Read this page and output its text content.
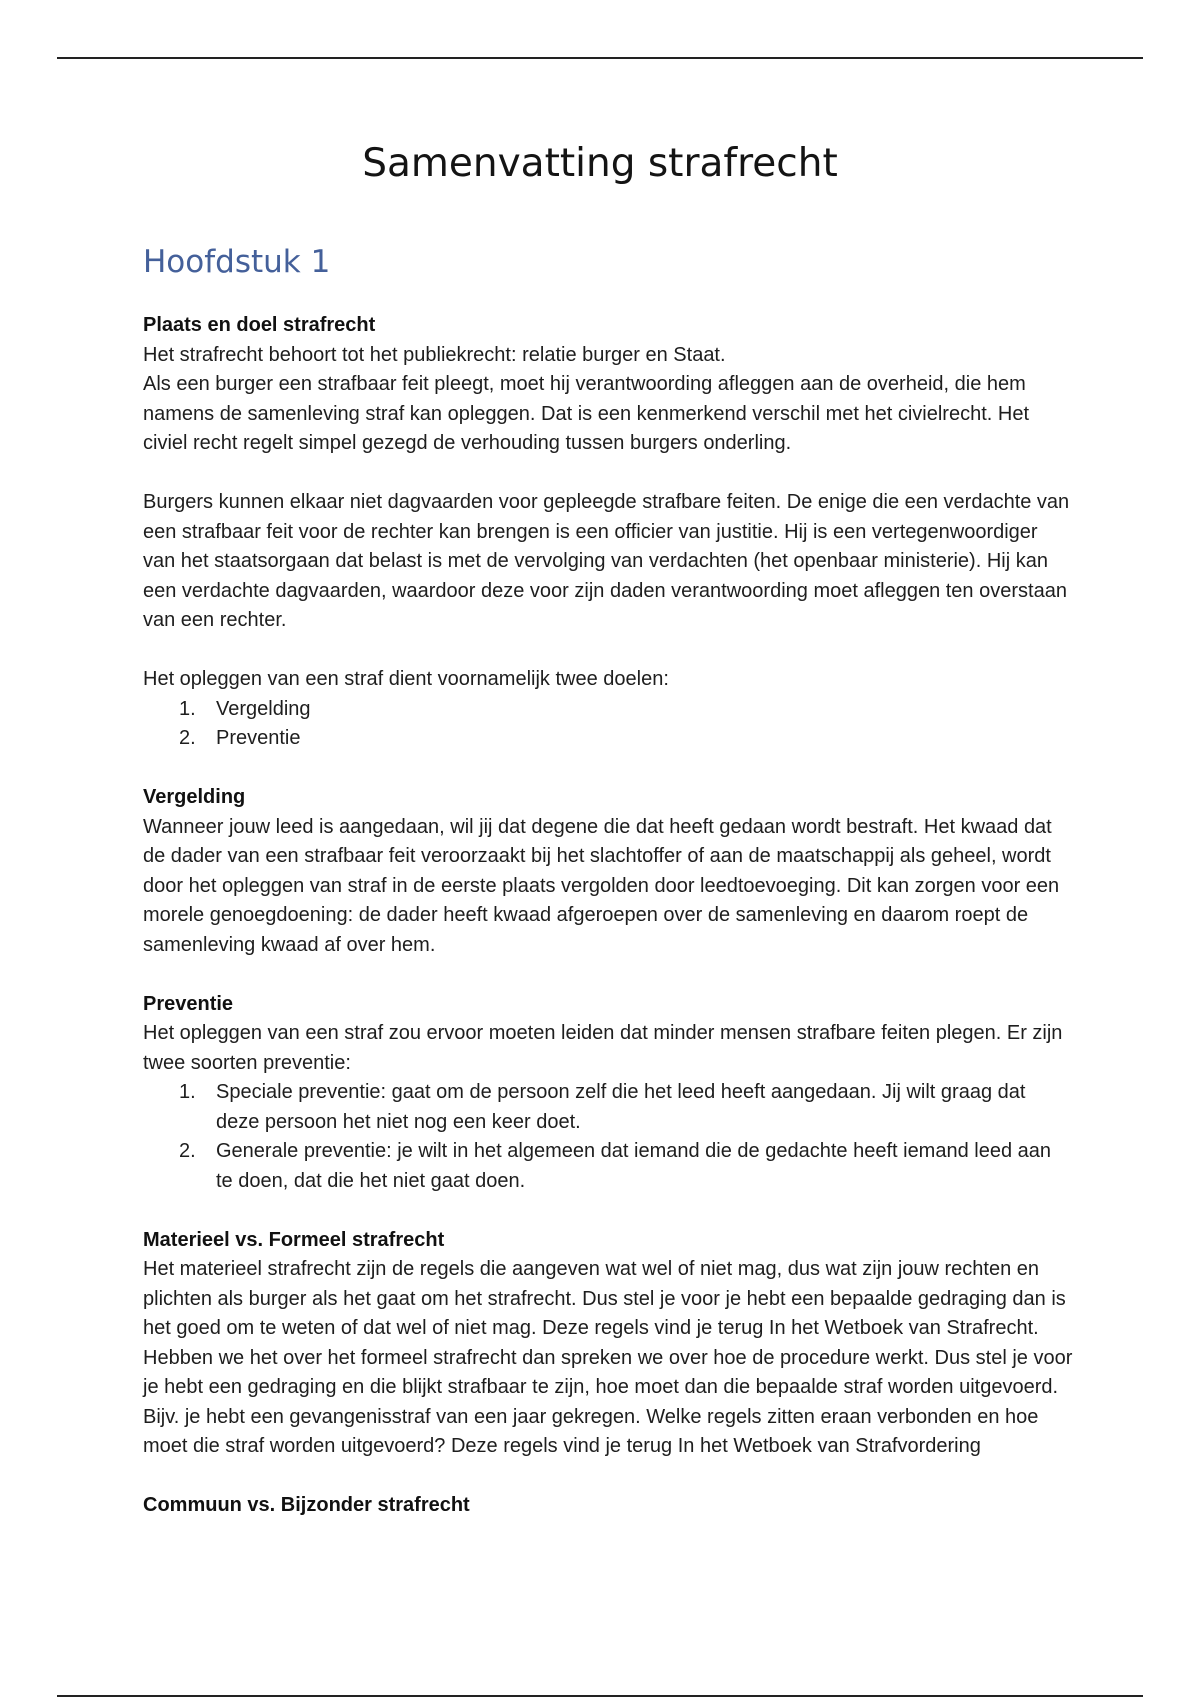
Samenvatting strafrecht
Hoofdstuk 1
Plaats en doel strafrecht

Het strafrecht behoort tot het publiekrecht: relatie burger en Staat.

Als een burger een strafbaar feit pleegt, moet hij verantwoording afleggen aan de overheid, die hem namens de samenleving straf kan opleggen. Dat is een kenmerkend verschil met het civielrecht. Het civiel recht regelt simpel gezegd de verhouding tussen burgers onderling.

Burgers kunnen elkaar niet dagvaarden voor gepleegde strafbare feiten. De enige die een verdachte van een strafbaar feit voor de rechter kan brengen is een officier van justitie. Hij is een vertegenwoordiger van het staatsorgaan dat belast is met de vervolging van verdachten (het openbaar ministerie). Hij kan een verdachte dagvaarden, waardoor deze voor zijn daden verantwoording moet afleggen ten overstaan van een rechter.

Het opleggen van een straf dient voornamelijk twee doelen:

1. Vergelding
2. Preventie
Vergelding

Wanneer jouw leed is aangedaan, wil jij dat degene die dat heeft gedaan wordt bestraft. Het kwaad dat de dader van een strafbaar feit veroorzaakt bij het slachtoffer of aan de maatschappij als geheel, wordt door het opleggen van straf in de eerste plaats vergolden door leedtoevoeging. Dit kan zorgen voor een morele genoegdoening: de dader heeft kwaad afgeroepen over de samenleving en daarom roept de samenleving kwaad af over hem.

Preventie

Het opleggen van een straf zou ervoor moeten leiden dat minder mensen strafbare feiten plegen. Er zijn twee soorten preventie:

1. Speciale preventie: gaat om de persoon zelf die het leed heeft aangedaan. Jij wilt graag dat deze persoon het niet nog een keer doet.
2. Generale preventie: je wilt in het algemeen dat iemand die de gedachte heeft iemand leed aan te doen, dat die het niet gaat doen.
Materieel vs. Formeel strafrecht

Het materieel strafrecht zijn de regels die aangeven wat wel of niet mag, dus wat zijn jouw rechten en plichten als burger als het gaat om het strafrecht. Dus stel je voor je hebt een bepaalde gedraging dan is het goed om te weten of dat wel of niet mag. Deze regels vind je terug In het Wetboek van Strafrecht. Hebben we het over het formeel strafrecht dan spreken we over hoe de procedure werkt. Dus stel je voor je hebt een gedraging en die blijkt strafbaar te zijn, hoe moet dan die bepaalde straf worden uitgevoerd. Bijv. je hebt een gevangenisstraf van een jaar gekregen. Welke regels zitten eraan verbonden en hoe moet die straf worden uitgevoerd? Deze regels vind je terug In het Wetboek van Strafvordering

Commuun vs. Bijzonder strafrecht
